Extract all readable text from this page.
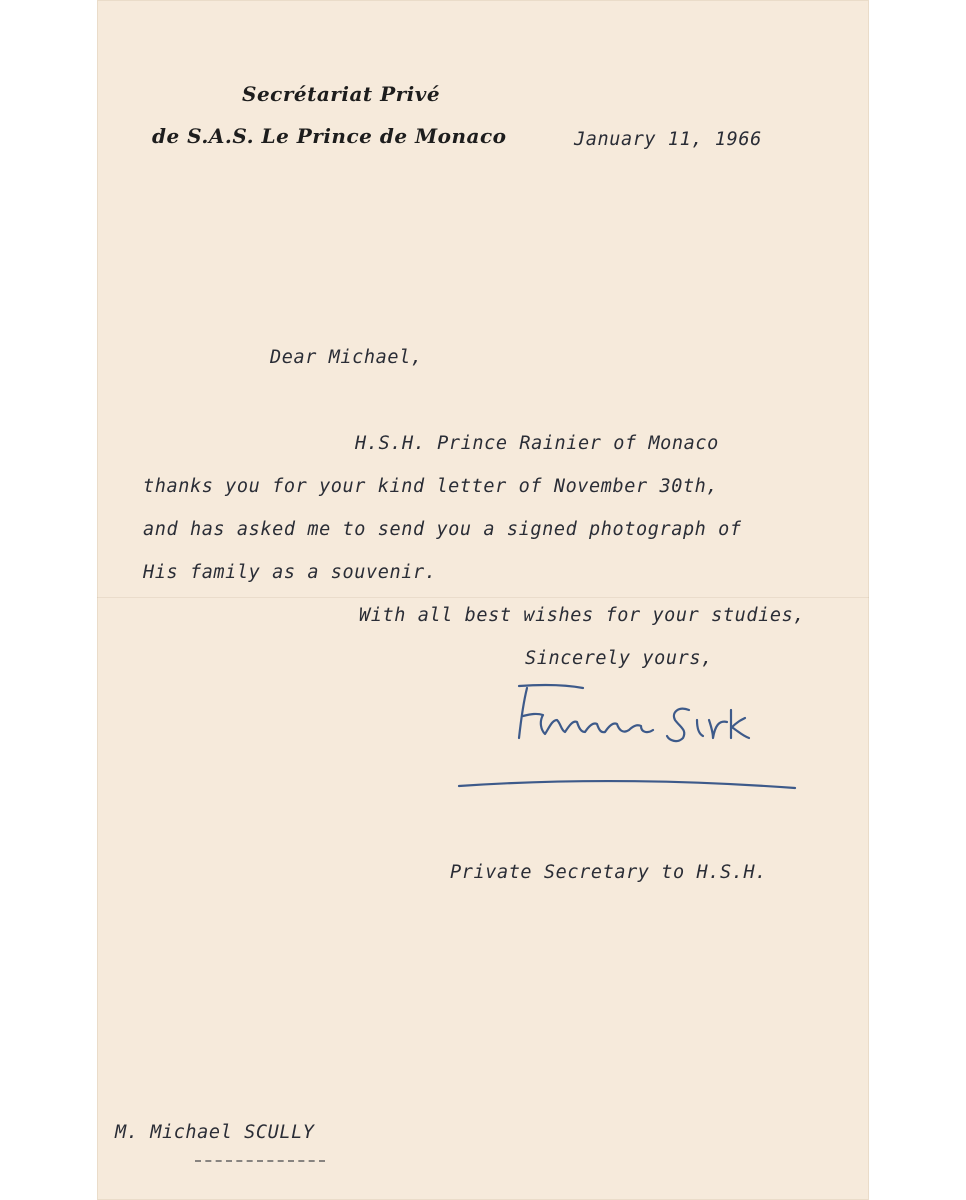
Secrétariat Privé
de S.A.S. Le Prince de Monaco	January 11, 1966
Dear Michael,
H.S.H. Prince Rainier of Monaco
thanks you for your kind letter of November 30th,
and has asked me to send you a signed photograph of
His family as a souvenir.
With all best wishes for your studies,
Sincerely yours,
Private Secretary to H.S.H.
M. Michael SCULLY
